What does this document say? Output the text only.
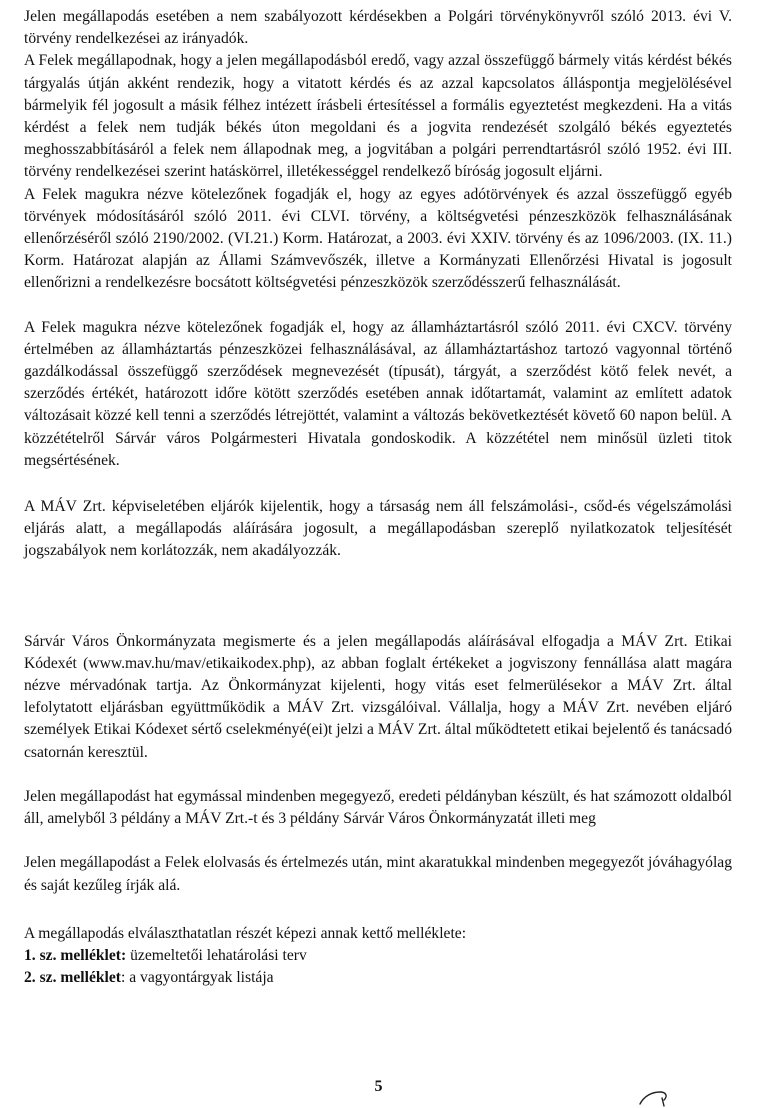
Jelen megállapodás esetében a nem szabályozott kérdésekben a Polgári törvénykönyvről szóló 2013. évi V. törvény rendelkezései az irányadók.

A Felek megállapodnak, hogy a jelen megállapodásból eredő, vagy azzal összefüggő bármely vitás kérdést békés tárgyalás útján akként rendezik, hogy a vitatott kérdés és az azzal kapcsolatos álláspontja megjelölésével bármelyik fél jogosult a másik félhez intézett írásbeli értesítéssel a formális egyeztetést megkezdeni. Ha a vitás kérdést a felek nem tudják békés úton megoldani és a jogvita rendezését szolgáló békés egyeztetés meghosszabbításáról a felek nem állapodnak meg, a jogvitában a polgári perrendtartásról szóló 1952. évi III. törvény rendelkezései szerint hatáskörrel, illetékességgel rendelkező bíróság jogosult eljárni.

A Felek magukra nézve kötelezőnek fogadják el, hogy az egyes adótörvények és azzal összefüggő egyéb törvények módosításáról szóló 2011. évi CLVI. törvény, a költségvetési pénzeszközök felhasználásának ellenőrzéséről szóló 2190/2002. (VI.21.) Korm. Határozat, a 2003. évi XXIV. törvény és az 1096/2003. (IX. 11.) Korm. Határozat alapján az Állami Számvevőszék, illetve a Kormányzati Ellenőrzési Hivatal is jogosult ellenőrizni a rendelkezésre bocsátott költségvetési pénzeszközök szerződésszerű felhasználását.

A Felek magukra nézve kötelezőnek fogadják el, hogy az államháztartásról szóló 2011. évi CXCV. törvény értelmében az államháztartás pénzeszközei felhasználásával, az államháztartáshoz tartozó vagyonnal történő gazdálkodással összefüggő szerződések megnevezését (típusát), tárgyát, a szerződést kötő felek nevét, a szerződés értékét, határozott időre kötött szerződés esetében annak időtartamát, valamint az említett adatok változásait közzé kell tenni a szerződés létrejöttét, valamint a változás bekövetkeztését követő 60 napon belül. A közzétételről Sárvár város Polgármesteri Hivatala gondoskodik. A közzététel nem minősül üzleti titok megsértésének.

A MÁV Zrt. képviseletében eljárók kijelentik, hogy a társaság nem áll felszámolási-, csőd-és végelszámolási eljárás alatt, a megállapodás aláírására jogosult, a megállapodásban szereplő nyilatkozatok teljesítését jogszabályok nem korlátozzák, nem akadályozzák.

Sárvár Város Önkormányzata megismerte és a jelen megállapodás aláírásával elfogadja a MÁV Zrt. Etikai Kódexét (www.mav.hu/mav/etikaikodex.php), az abban foglalt értékeket a jogviszony fennállása alatt magára nézve mérvadónak tartja. Az Önkormányzat kijelenti, hogy vitás eset felmerülésekor a MÁV Zrt. által lefolytatott eljárásban együttműködik a MÁV Zrt. vizsgálóival. Vállalja, hogy a MÁV Zrt. nevében eljáró személyek Etikai Kódexet sértő cselekményé(ei)t jelzi a MÁV Zrt. által működtetett etikai bejelentő és tanácsadó csatornán keresztül.

Jelen megállapodást hat egymással mindenben megegyező, eredeti példányban készült, és hat számozott oldalból áll, amelyből 3 példány a MÁV Zrt.-t és 3 példány Sárvár Város Önkormányzatát illeti meg

Jelen megállapodást a Felek elolvasás és értelmezés után, mint akaratukkal mindenben megegyezőt jóváhagyólag és saját kezűleg írják alá.

A megállapodás elválaszthatatlan részét képezi annak kettő melléklete:

1. sz. melléklet: üzemeltetői lehatárolási terv

2. sz. melléklet: a vagyontárgyak listája

5
